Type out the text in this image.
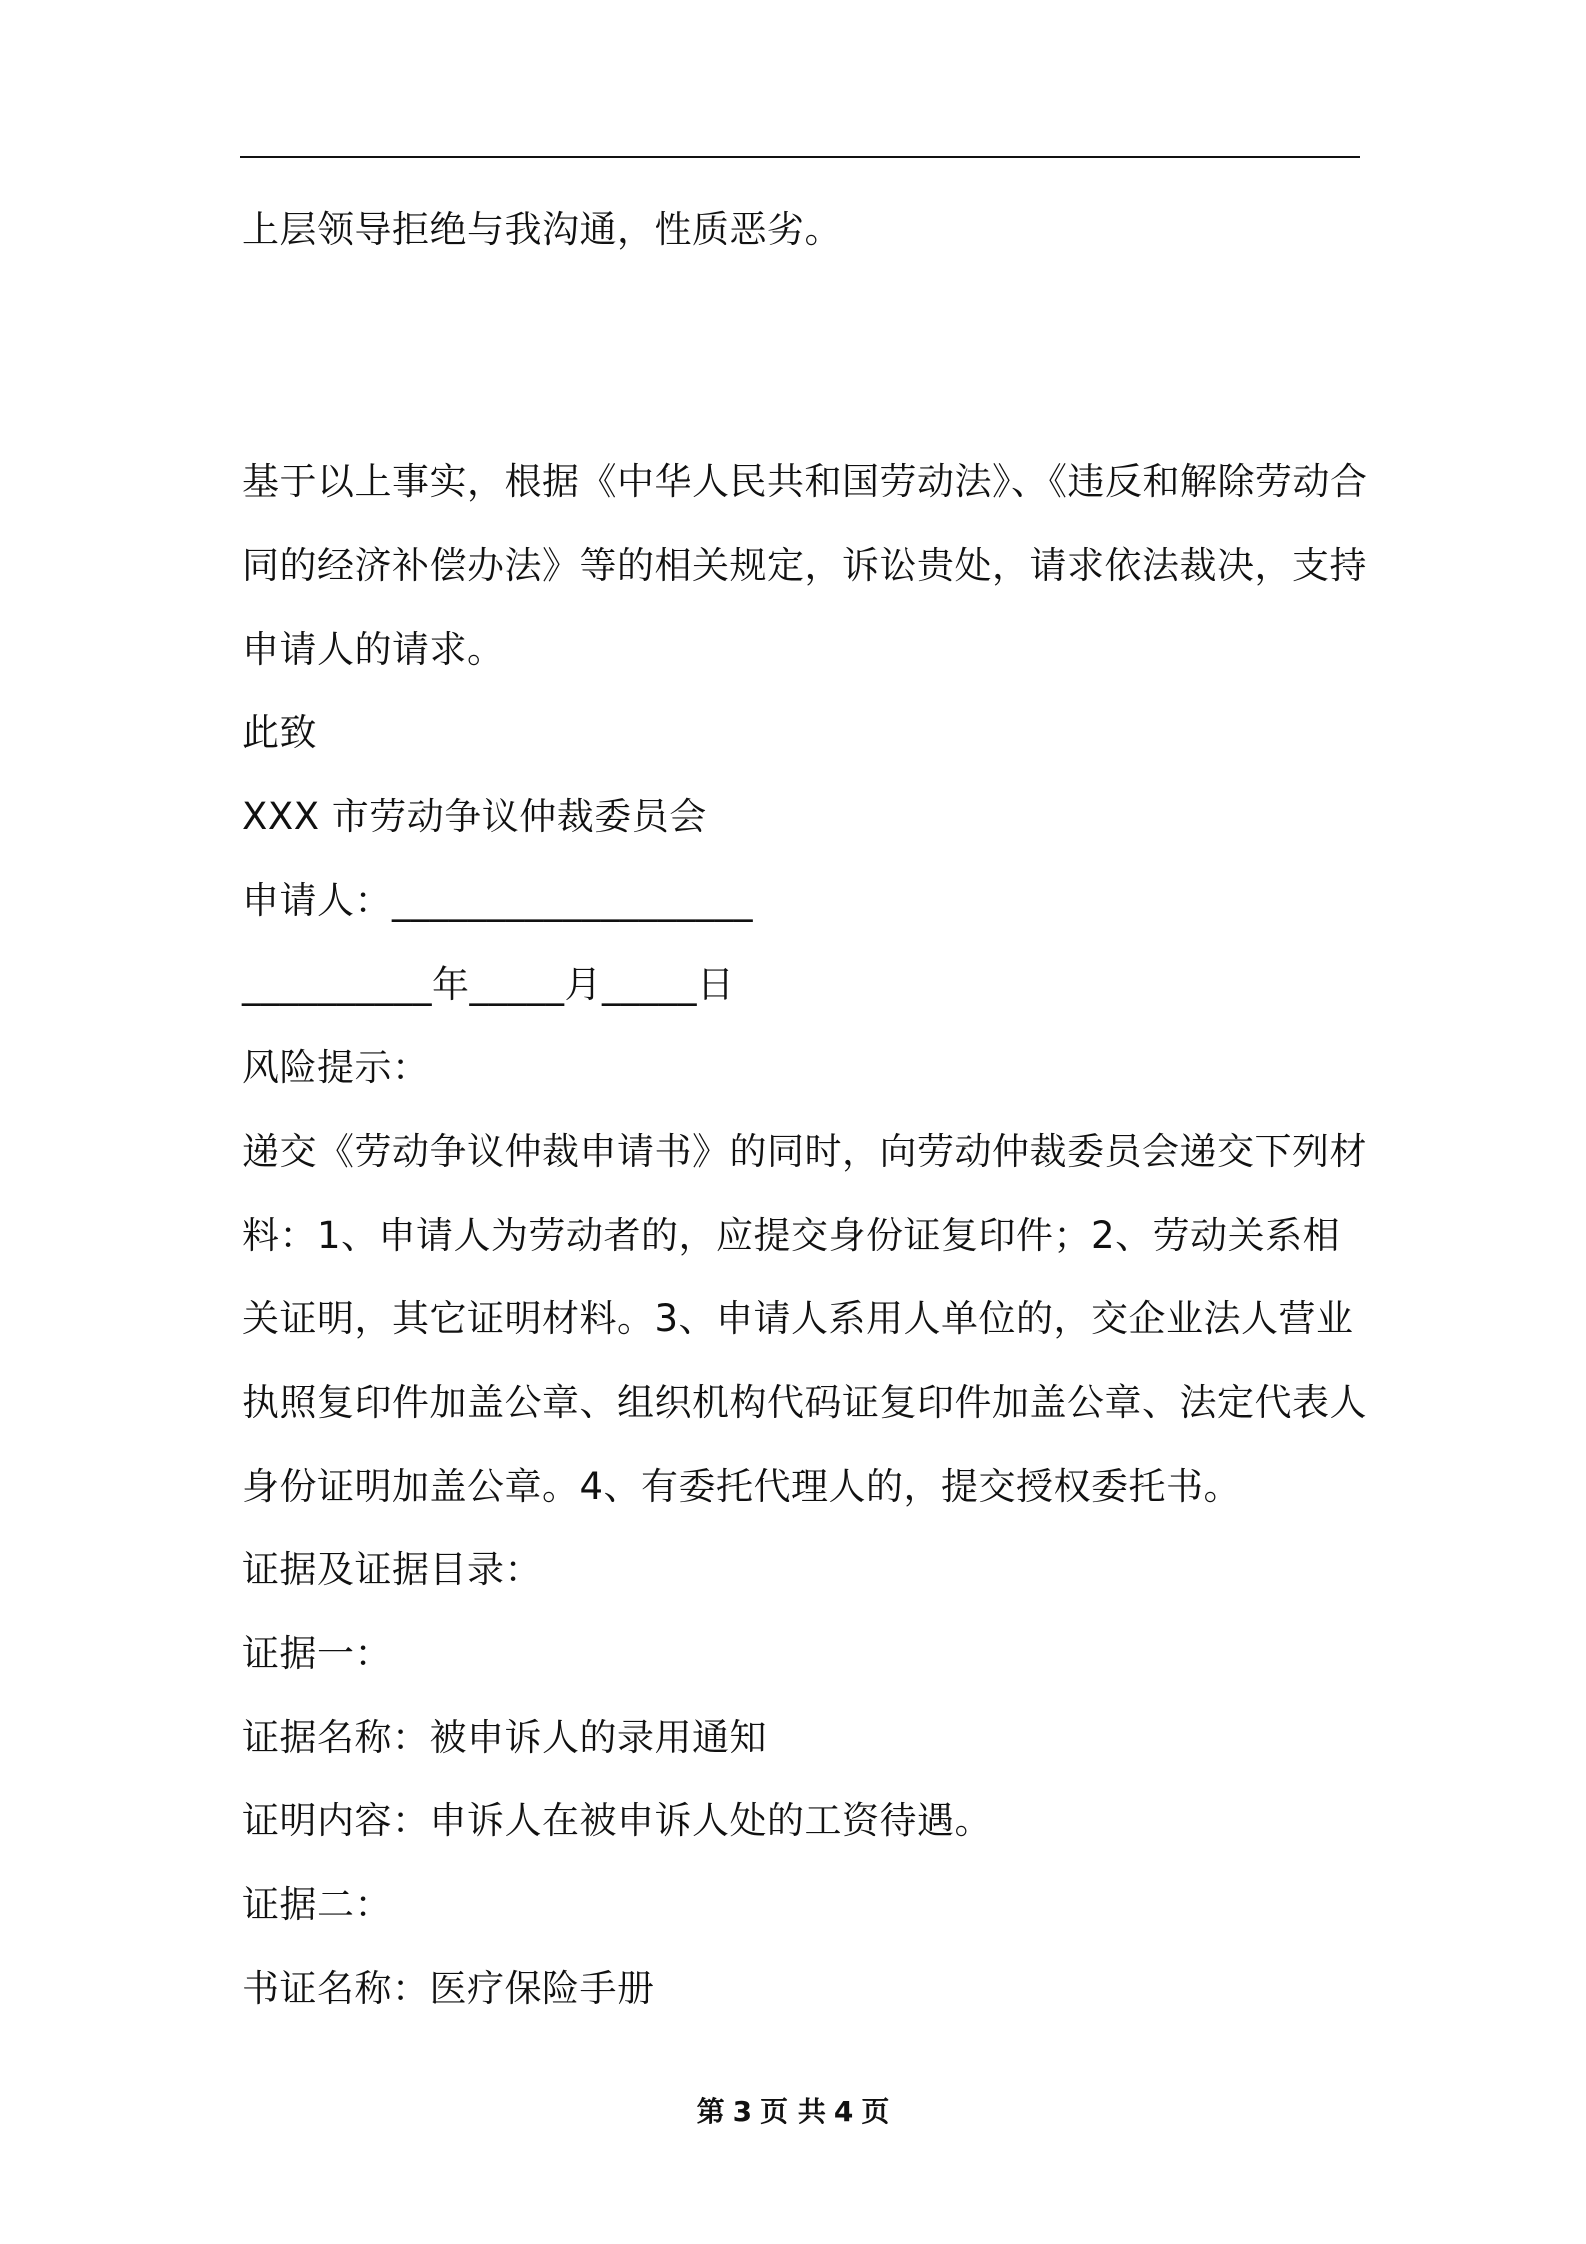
上层领导拒绝与我沟通，性质恶劣。

基于以上事实，根据《中华人民共和国劳动法》、《违反和解除劳动合

同的经济补偿办法》等的相关规定，诉讼贵处，请求依法裁决，支持

申请人的请求。

此致

XXX 市劳动争议仲裁委员会

申请人：___________________

__________年_____月_____日

风险提示：

递交《劳动争议仲裁申请书》的同时，向劳动仲裁委员会递交下列材

料：1、申请人为劳动者的，应提交身份证复印件；2、劳动关系相

关证明，其它证明材料。3、申请人系用人单位的，交企业法人营业

执照复印件加盖公章、组织机构代码证复印件加盖公章、法定代表人

身份证明加盖公章。4、有委托代理人的，提交授权委托书。

证据及证据目录：

证据一：

证据名称：被申诉人的录用通知

证明内容：申诉人在被申诉人处的工资待遇。

证据二：

书证名称：医疗保险手册

第 3 页 共 4 页
